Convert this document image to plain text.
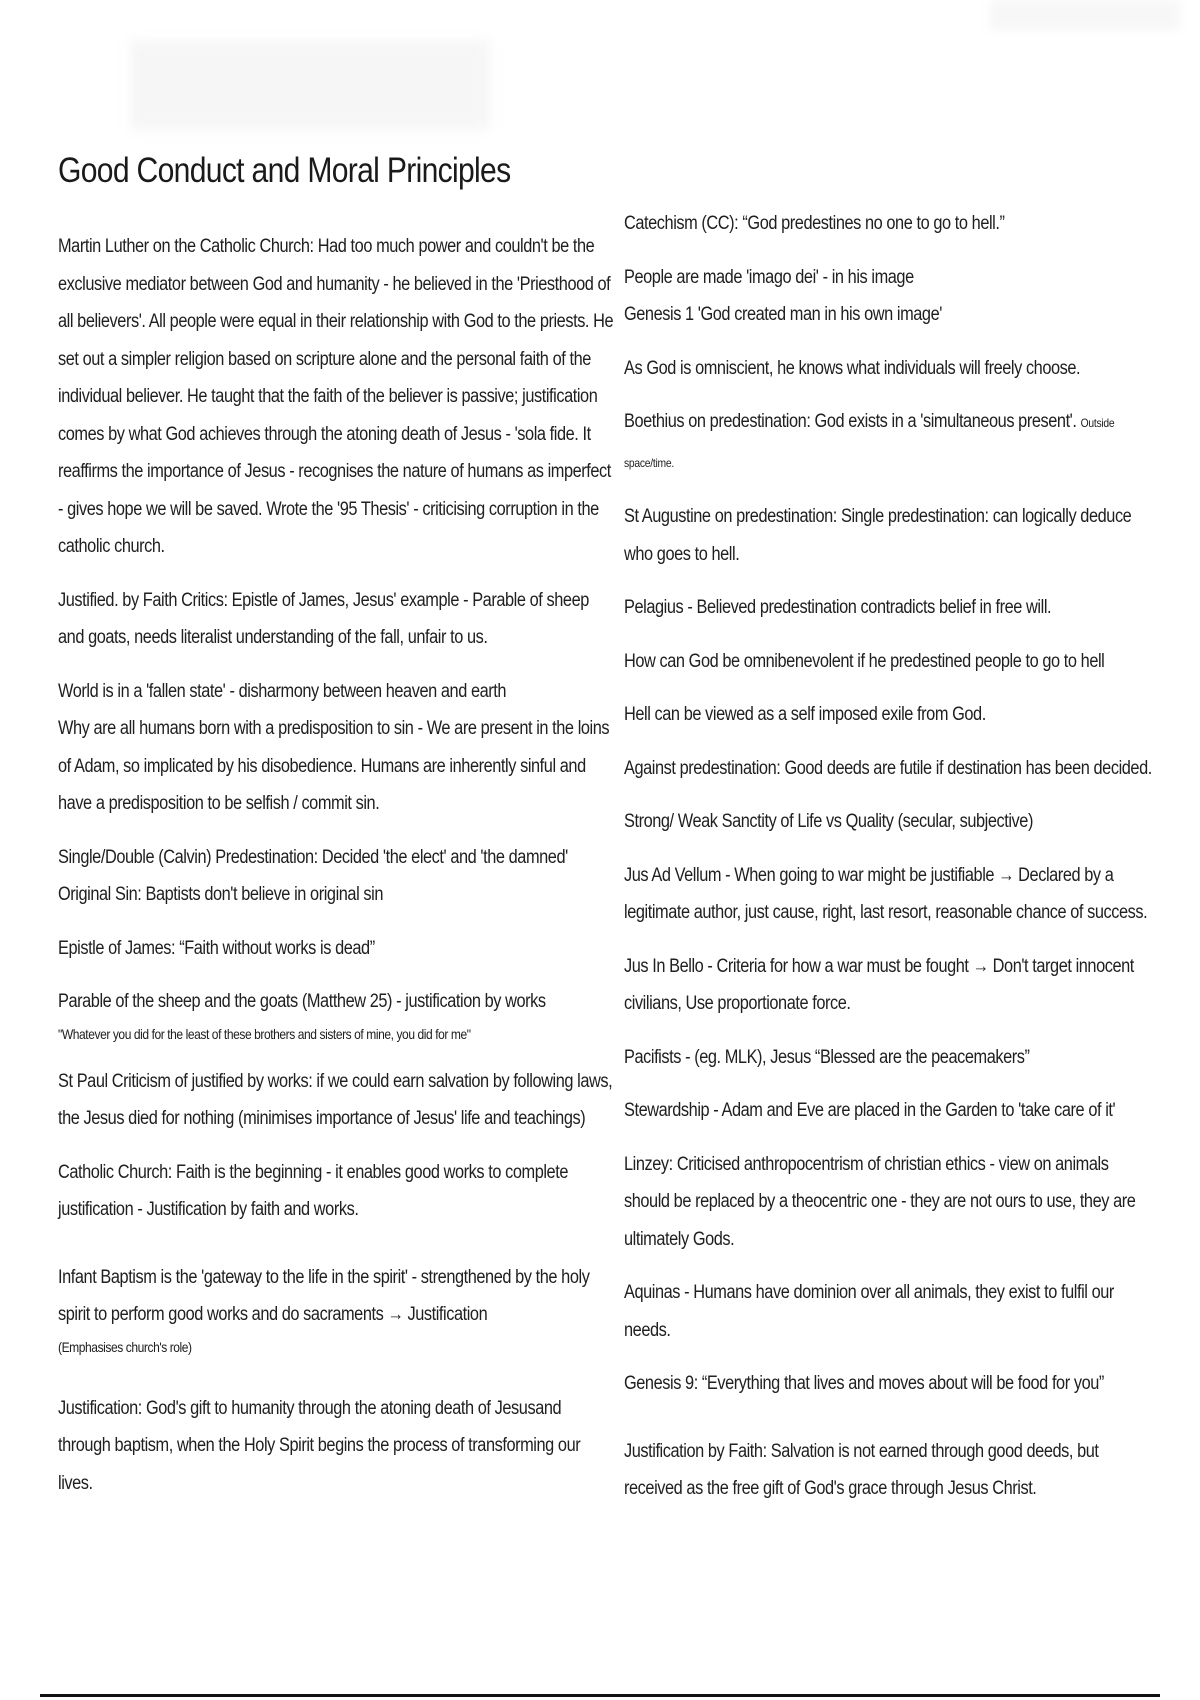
Good Conduct and Moral Principles

Martin Luther on the Catholic Church: Had too much power and couldn't be the exclusive mediator between God and humanity - he believed in the 'Priesthood of all believers'. All people were equal in their relationship with God to the priests. He set out a simpler religion based on scripture alone and the personal faith of the individual believer. He taught that the faith of the believer is passive; justification comes by what God achieves through the atoning death of Jesus - 'sola fide. It reaffirms the importance of Jesus - recognises the nature of humans as imperfect - gives hope we will be saved. Wrote the '95 Thesis' - criticising corruption in the catholic church.

Justified. by Faith Critics: Epistle of James, Jesus' example - Parable of sheep and goats, needs literalist understanding of the fall, unfair to us.

World is in a 'fallen state' - disharmony between heaven and earth

Why are all humans born with a predisposition to sin - We are present in the loins of Adam, so implicated by his disobedience. Humans are inherently sinful and have a predisposition to be selfish / commit sin.

Single/Double (Calvin) Predestination: Decided 'the elect' and 'the damned'

Original Sin: Baptists don't believe in original sin

Epistle of James: “Faith without works is dead”

Parable of the sheep and the goats (Matthew 25) - justification by works

"Whatever you did for the least of these brothers and sisters of mine, you did for me"

St Paul Criticism of justified by works: if we could earn salvation by following laws, the Jesus died for nothing (minimises importance of Jesus' life and teachings)

Catholic Church: Faith is the beginning - it enables good works to complete justification - Justification by faith and works.

Infant Baptism is the 'gateway to the life in the spirit' - strengthened by the holy spirit to perform good works and do sacraments → Justification

(Emphasises church's role)

Justification: God's gift to humanity through the atoning death of Jesusand through baptism, when the Holy Spirit begins the process of transforming our lives.

Catechism (CC): “God predestines no one to go to hell.”

People are made 'imago dei' - in his image

Genesis 1 'God created man in his own image'

As God is omniscient, he knows what individuals will freely choose.

Boethius on predestination: God exists in a 'simultaneous present'. Outside space/time.

St Augustine on predestination: Single predestination: can logically deduce who goes to hell.

Pelagius - Believed predestination contradicts belief in free will.

How can God be omnibenevolent if he predestined people to go to hell

Hell can be viewed as a self imposed exile from God.

Against predestination: Good deeds are futile if destination has been decided.

Strong/ Weak Sanctity of Life vs Quality (secular, subjective)

Jus Ad Vellum - When going to war might be justifiable → Declared by a legitimate author, just cause, right, last resort, reasonable chance of success.

Jus In Bello - Criteria for how a war must be fought → Don't target innocent civilians, Use proportionate force.

Pacifists - (eg. MLK), Jesus “Blessed are the peacemakers”

Stewardship - Adam and Eve are placed in the Garden to 'take care of it'

Linzey: Criticised anthropocentrism of christian ethics - view on animals should be replaced by a theocentric one - they are not ours to use, they are ultimately Gods.

Aquinas - Humans have dominion over all animals, they exist to fulfil our needs.

Genesis 9: “Everything that lives and moves about will be food for you”

Justification by Faith: Salvation is not earned through good deeds, but received as the free gift of God's grace through Jesus Christ.
